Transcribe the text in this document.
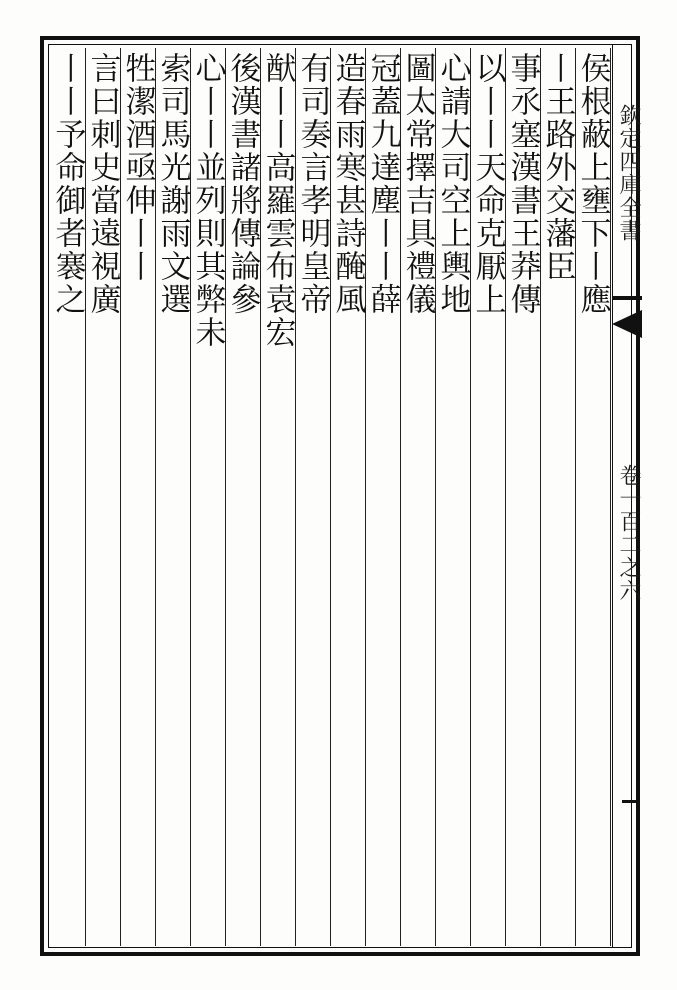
欽定四庫全書
卷一百二之六
侯根蔽上壅下丨應
丨王路外交藩臣
事氶塞漢書王莽傳
以丨丨天命克厭上
心請大司空上輿地
圖太常擇吉具禮儀
冠蓋九達塵丨丨薛
造春雨寒甚詩醃風
有司奏言孝明皇帝
猷丨丨高羅雲布袁宏
後漢書諸將傳論參
心丨丨並列則其弊未
索司馬光謝雨文選
牲潔酒亟伸丨丨
言曰刺史當遠視廣
丨丨予命御者褰之
